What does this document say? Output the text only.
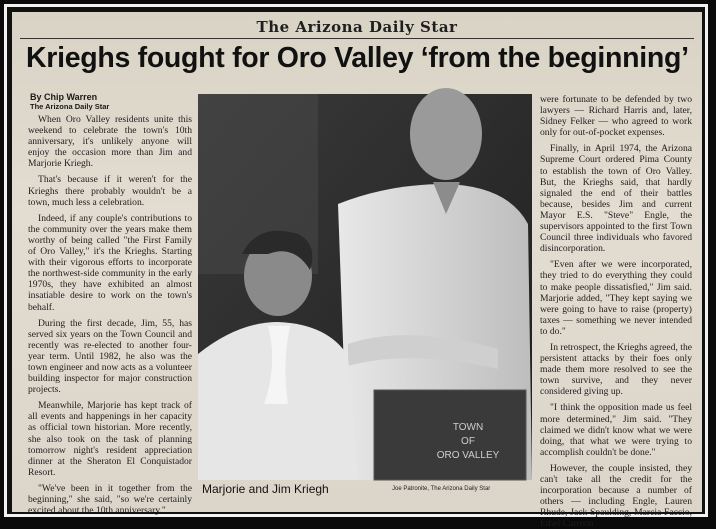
The Arizona Daily Star
Krieghs fought for Oro Valley ‘from the beginning’
By Chip Warren
The Arizona Daily Star

When Oro Valley residents unite this weekend to celebrate the town's 10th anniversary, it's unlikely anyone will enjoy the occasion more than Jim and Marjorie Kriegh.

That's because if it weren't for the Krieghs there probably wouldn't be a town, much less a celebration.

Indeed, if any couple's contributions to the community over the years make them worthy of being called "the First Family of Oro Valley," it's the Krieghs. Starting with their vigorous efforts to incorporate the northwest-side community in the early 1970s, they have exhibited an almost insatiable desire to work on the town's behalf.

During the first decade, Jim, 55, has served six years on the Town Council and recently was re-elected to another four-year term. Until 1982, he also was the town engineer and now acts as a volunteer building inspector for major construction projects.

Meanwhile, Marjorie has kept track of all events and happenings in her capacity as official town historian. More recently, she also took on the task of planning tomorrow night's resident appreciation dinner at the Sheraton El Conquistador Resort.

"We've been in it together from the beginning," she said, "so we're certainly excited about the 10th anniversary."

TOWN
OF
ORO VALLEY
Marjorie and Jim Kriegh	Joe Patronite, The Arizona Daily Star

were fortunate to be defended by two lawyers — Richard Harris and, later, Sidney Felker — who agreed to work only for out-of-pocket expenses.

Finally, in April 1974, the Arizona Supreme Court ordered Pima County to establish the town of Oro Valley. But, the Krieghs said, that hardly signaled the end of their battles because, besides Jim and current Mayor E.S. "Steve" Engle, the supervisors appointed to the first Town Council three individuals who favored disincorporation.

"Even after we were incorporated, they tried to do everything they could to make people dissatisfied," Jim said. Marjorie added, "They kept saying we were going to have to raise (property) taxes — something we never intended to do."

In retrospect, the Krieghs agreed, the persistent attacks by their foes only made them more resolved to see the town survive, and they never considered giving up.

"I think the opposition made us feel more determined," Jim said. "They claimed we didn't know what we were doing, that what we were trying to accomplish couldn't be done."

However, the couple insisted, they can't take all the credit for the incorporation because a number of others — including Engle, Lauren Rhude, Jack Spaulding, Marcia Faccio, Ethel Carreon
